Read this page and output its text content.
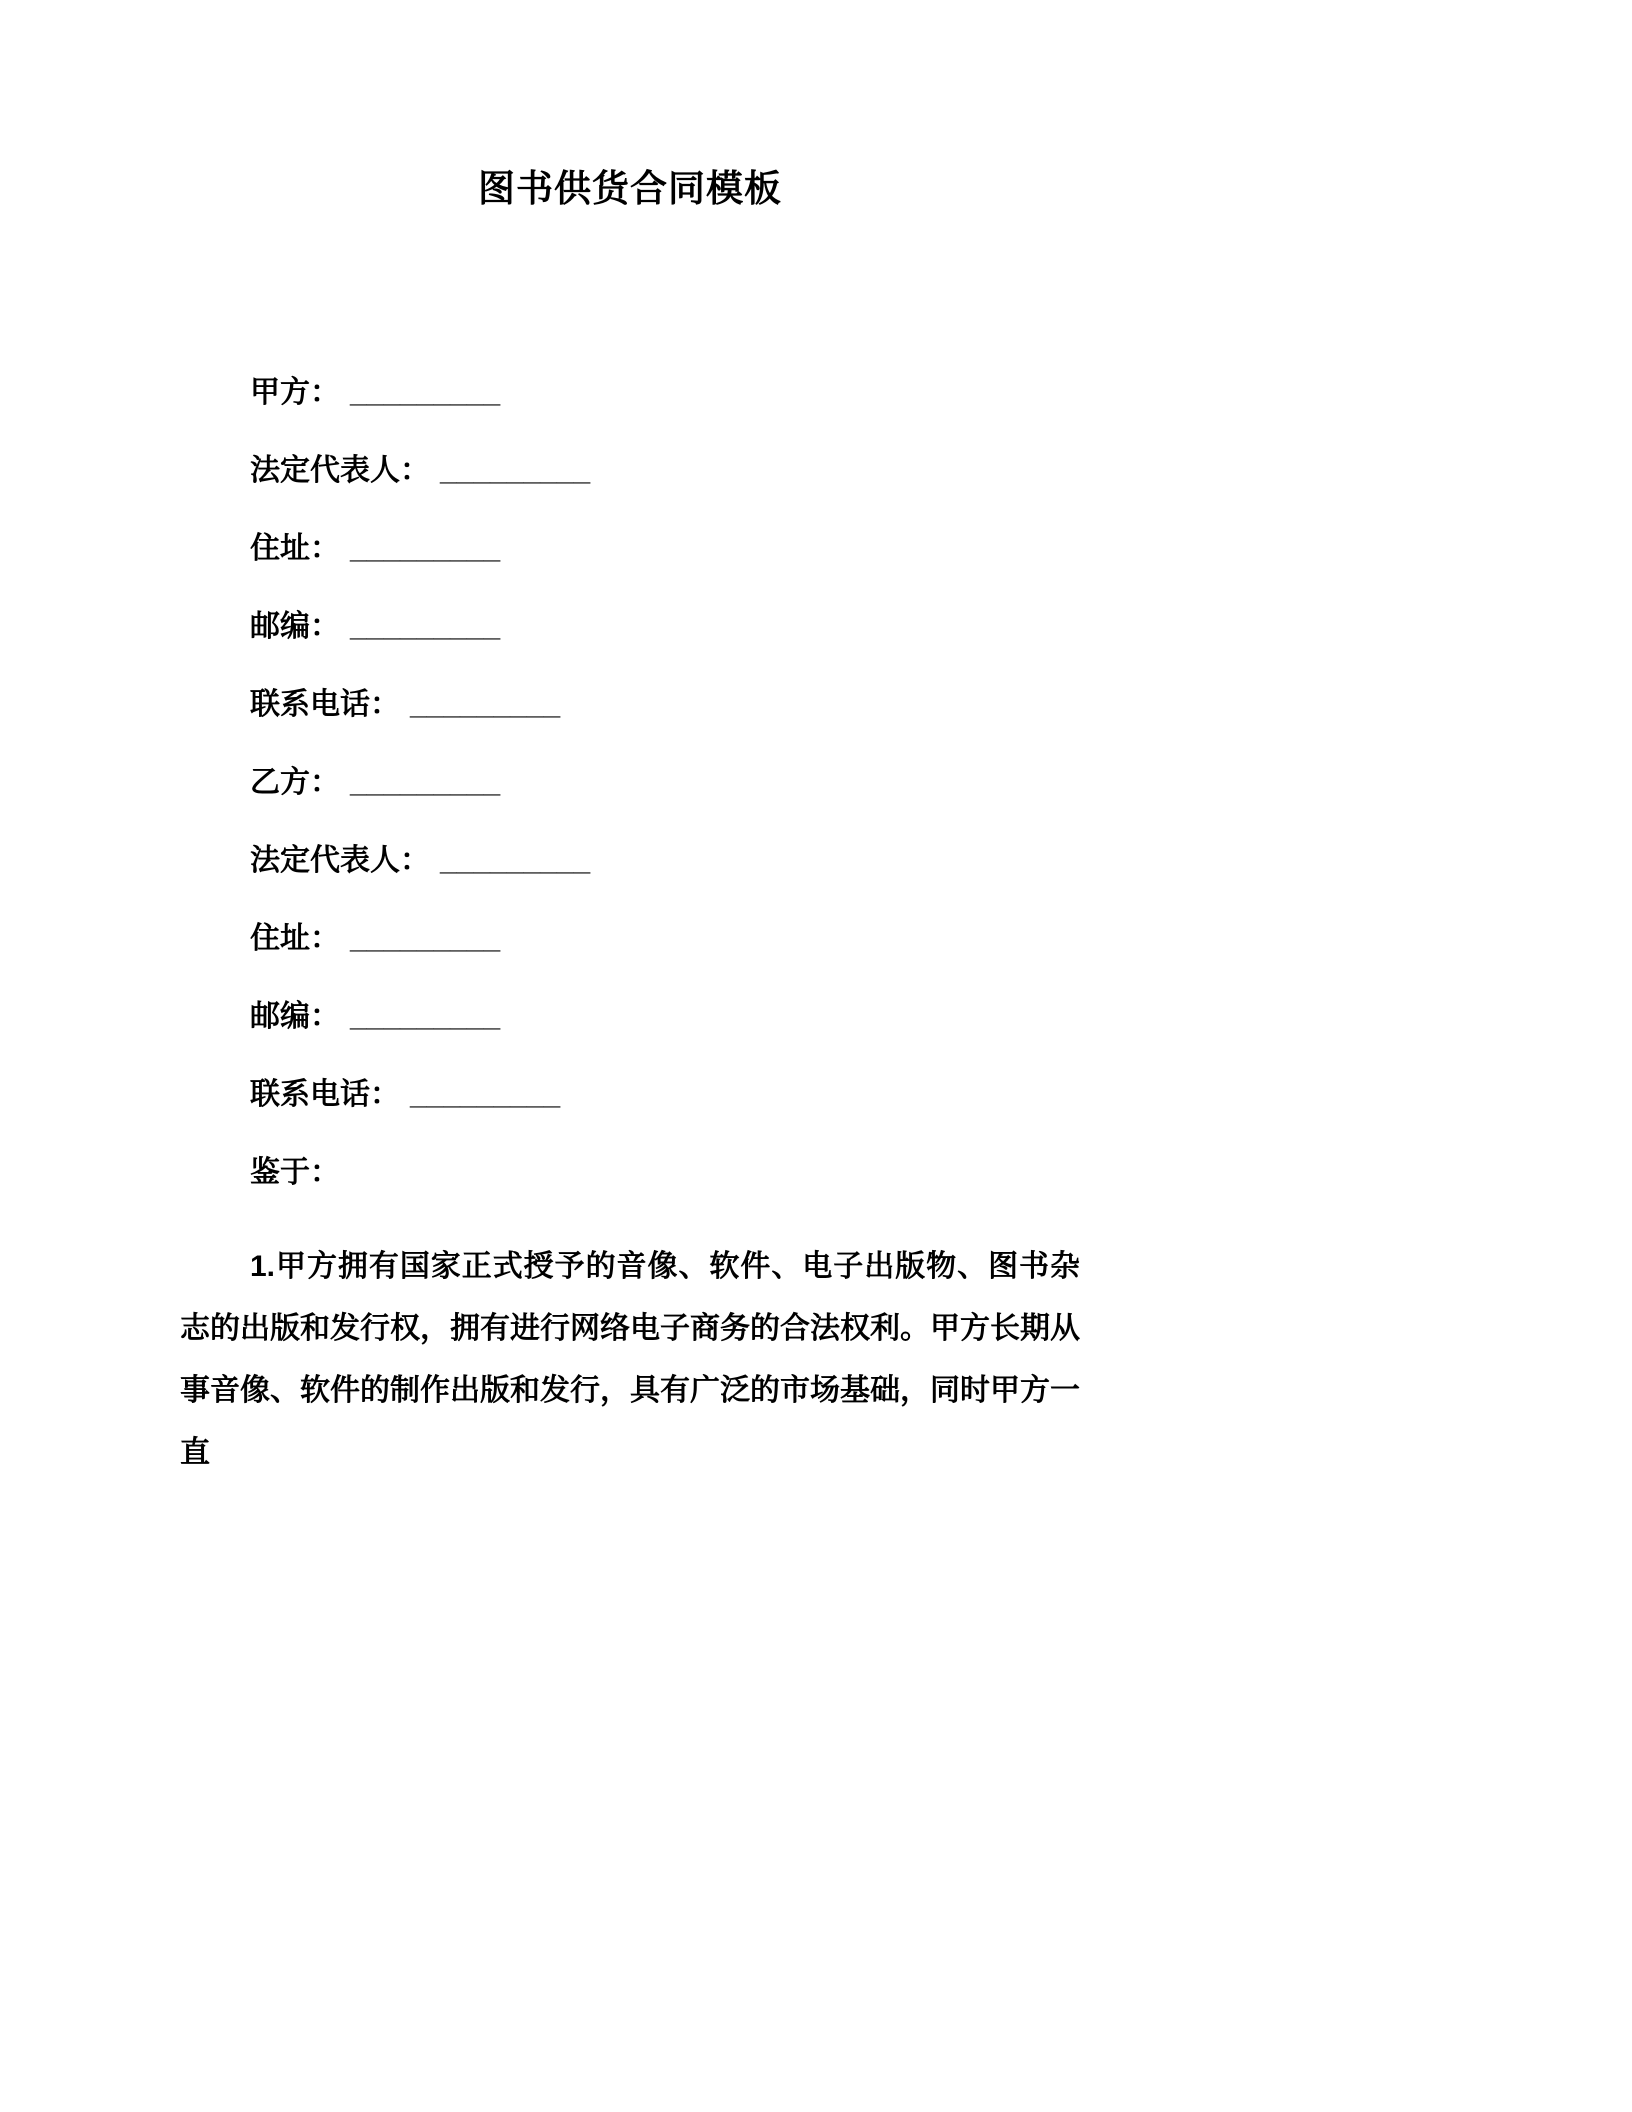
图书供货合同模板
甲方： _________
法定代表人： _________
住址： _________
邮编： _________
联系电话： _________
乙方： _________
法定代表人： _________
住址： _________
邮编： _________
联系电话： _________
鉴于：

1.甲方拥有国家正式授予的音像、软件、电子出版物、图书杂志的出版和发行权，拥有进行网络电子商务的合法权利。甲方长期从事音像、软件的制作出版和发行，具有广泛的市场基础，同时甲方一直
